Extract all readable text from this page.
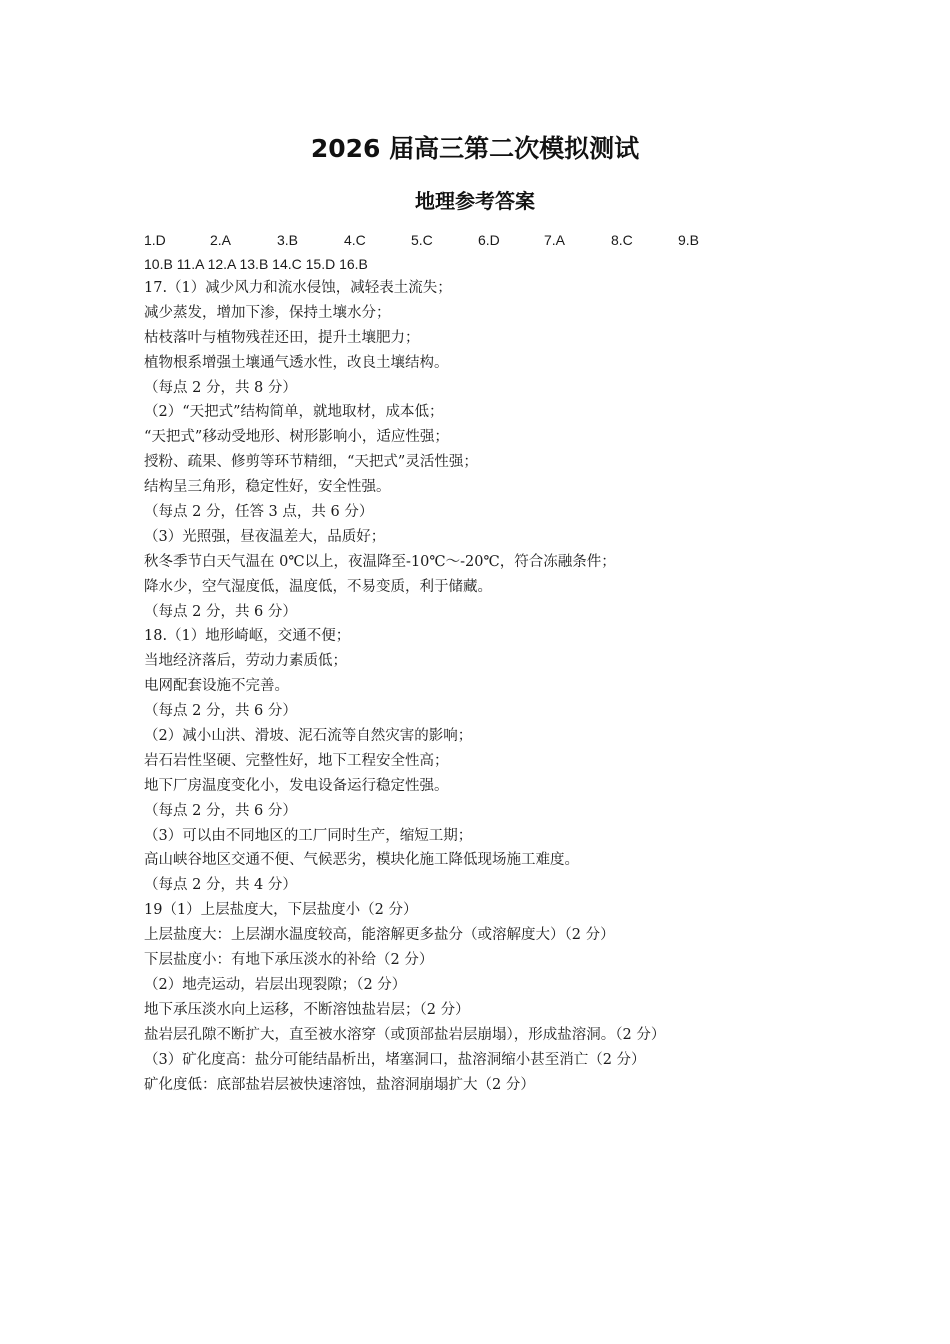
2026 届高三第二次模拟测试
地理参考答案
1.D	2.A	3.B	4.C	5.C	6.D	7.A	8.C	9.B
10.B 11.A 12.A 13.B 14.C 15.D 16.B
17.（1）减少风力和流水侵蚀，减轻表土流失；
减少蒸发，增加下渗，保持土壤水分；
枯枝落叶与植物残茬还田，提升土壤肥力；
植物根系增强土壤通气透水性，改良土壤结构。
（每点 2 分，共 8 分）
（2）“天把式”结构简单，就地取材，成本低；
“天把式”移动受地形、树形影响小，适应性强；
授粉、疏果、修剪等环节精细，“天把式”灵活性强；
结构呈三角形，稳定性好，安全性强。
（每点 2 分，任答 3 点，共 6 分）
（3）光照强，昼夜温差大，品质好；
秋冬季节白天气温在 0℃以上，夜温降至-10℃～-20℃，符合冻融条件；
降水少，空气湿度低，温度低，不易变质，利于储藏。
（每点 2 分，共 6 分）
18.（1）地形崎岖，交通不便；
当地经济落后，劳动力素质低；
电网配套设施不完善。
（每点 2 分，共 6 分）
（2）减小山洪、滑坡、泥石流等自然灾害的影响；
岩石岩性坚硬、完整性好，地下工程安全性高；
地下厂房温度变化小，发电设备运行稳定性强。
（每点 2 分，共 6 分）
（3）可以由不同地区的工厂同时生产，缩短工期；
高山峡谷地区交通不便、气候恶劣，模块化施工降低现场施工难度。
（每点 2 分，共 4 分）
19（1）上层盐度大，下层盐度小（2 分）
上层盐度大：上层湖水温度较高，能溶解更多盐分（或溶解度大）（2 分）
下层盐度小：有地下承压淡水的补给（2 分）
（2）地壳运动，岩层出现裂隙；（2 分）
地下承压淡水向上运移，不断溶蚀盐岩层；（2 分）
盐岩层孔隙不断扩大，直至被水溶穿（或顶部盐岩层崩塌），形成盐溶洞。（2 分）
（3）矿化度高：盐分可能结晶析出，堵塞洞口，盐溶洞缩小甚至消亡（2 分）
矿化度低：底部盐岩层被快速溶蚀，盐溶洞崩塌扩大（2 分）
